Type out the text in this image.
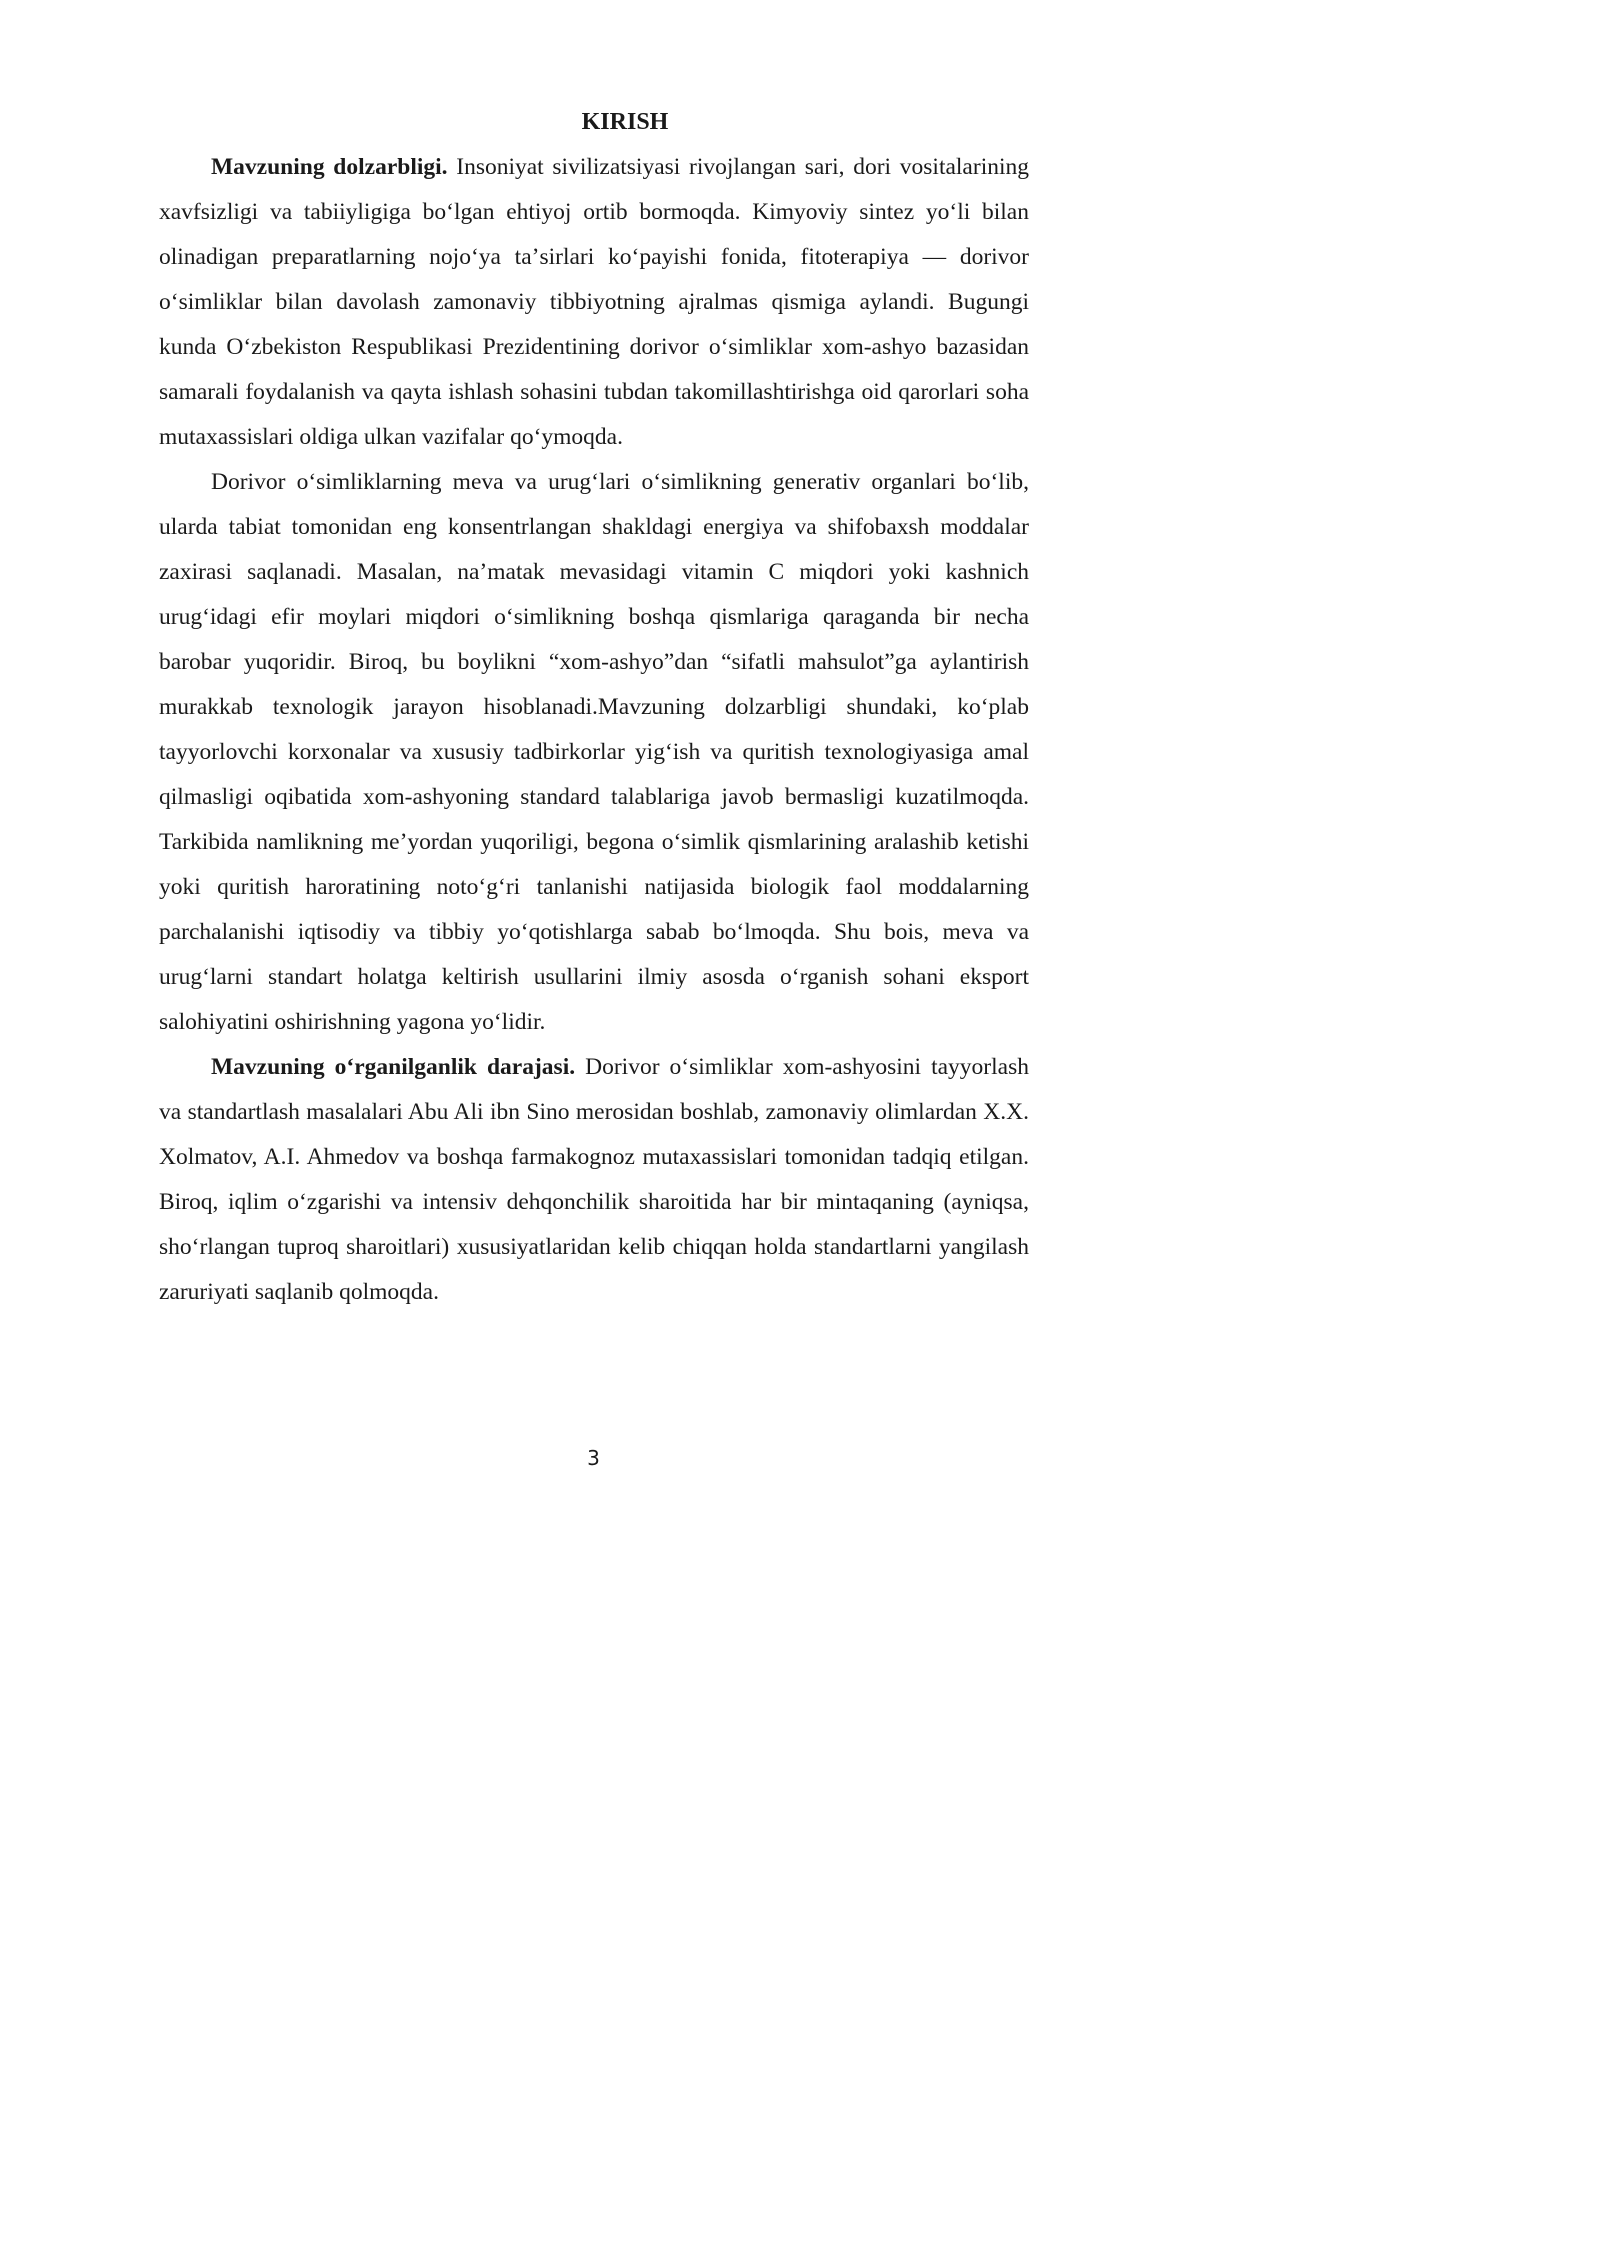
KIRISH

Mavzuning dolzarbligi. Insoniyat sivilizatsiyasi rivojlangan sari, dori vositalarining xavfsizligi va tabiiyligiga boʻlgan ehtiyoj ortib bormoqda. Kimyoviy sintez yoʻli bilan olinadigan preparatlarning nojoʻya taʼsirlari koʻpayishi fonida, fitoterapiya — dorivor oʻsimliklar bilan davolash zamonaviy tibbiyotning ajralmas qismiga aylandi. Bugungi kunda Oʻzbekiston Respublikasi Prezidentining dorivor oʻsimliklar xom-ashyo bazasidan samarali foydalanish va qayta ishlash sohasini tubdan takomillashtirishga oid qarorlari soha mutaxassislari oldiga ulkan vazifalar qoʻymoqda.

Dorivor oʻsimliklarning meva va urugʻlari oʻsimlikning generativ organlari boʻlib, ularda tabiat tomonidan eng konsentrlangan shakldagi energiya va shifobaxsh moddalar zaxirasi saqlanadi. Masalan, naʼmatak mevasidagi vitamin C miqdori yoki kashnich urugʻidagi efir moylari miqdori oʻsimlikning boshqa qismlariga qaraganda bir necha barobar yuqoridir. Biroq, bu boylikni “xom-ashyo”dan “sifatli mahsulot”ga aylantirish murakkab texnologik jarayon hisoblanadi.Mavzuning dolzarbligi shundaki, koʻplab tayyorlovchi korxonalar va xususiy tadbirkorlar yigʻish va quritish texnologiyasiga amal qilmasligi oqibatida xom-ashyoning standard talablariga javob bermasligi kuzatilmoqda. Tarkibida namlikning meʼyordan yuqoriligi, begona oʻsimlik qismlarining aralashib ketishi yoki quritish haroratining notoʻgʻri tanlanishi natijasida biologik faol moddalarning parchalanishi iqtisodiy va tibbiy yoʻqotishlarga sabab boʻlmoqda. Shu bois, meva va urugʻlarni standart holatga keltirish usullarini ilmiy asosda oʻrganish sohani eksport salohiyatini oshirishning yagona yoʻlidir.

Mavzuning oʻrganilganlik darajasi. Dorivor oʻsimliklar xom-ashyosini tayyorlash va standartlash masalalari Abu Ali ibn Sino merosidan boshlab, zamonaviy olimlardan X.X. Xolmatov, A.I. Ahmedov va boshqa farmakognoz mutaxassislari tomonidan tadqiq etilgan. Biroq, iqlim oʻzgarishi va intensiv dehqonchilik sharoitida har bir mintaqaning (ayniqsa, shoʻrlangan tuproq sharoitlari) xususiyatlaridan kelib chiqqan holda standartlarni yangilash zaruriyati saqlanib qolmoqda.

3
